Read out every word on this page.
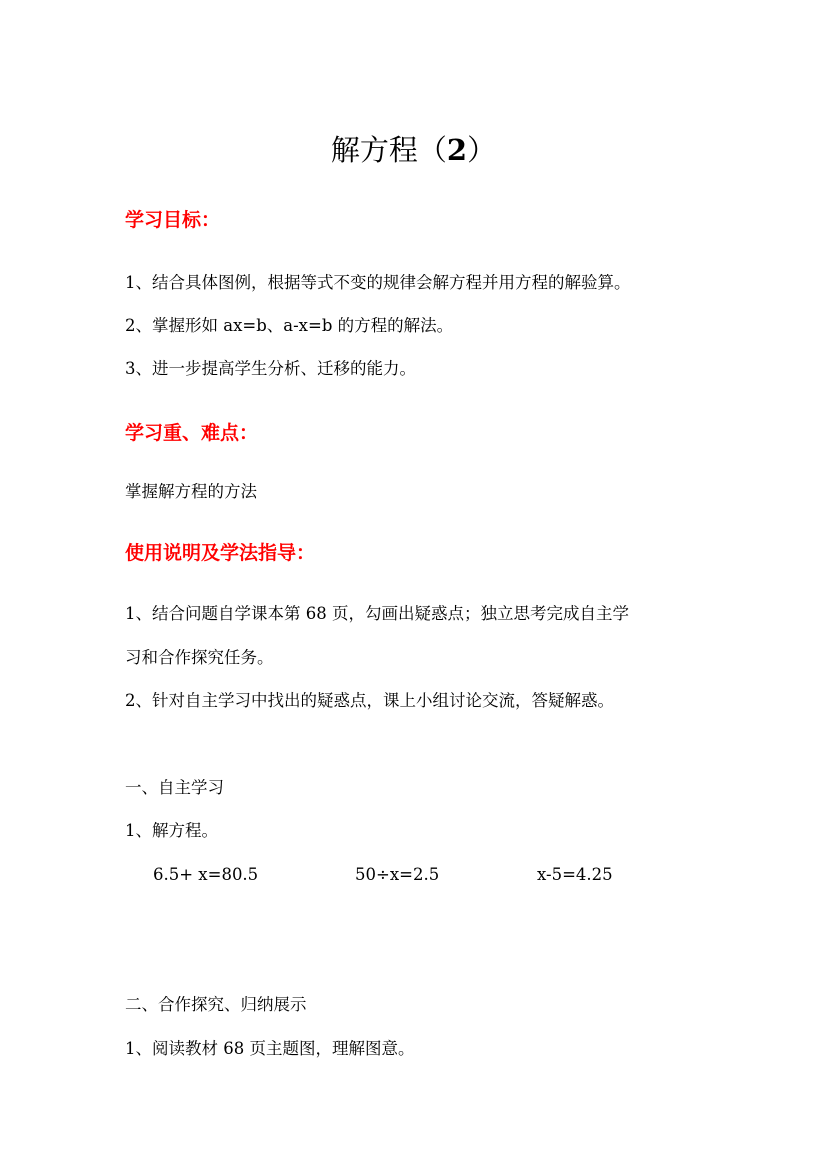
解方程（2）
学习目标：
1、结合具体图例，根据等式不变的规律会解方程并用方程的解验算。
2、掌握形如 ax=b、a-x=b 的方程的解法。
3、进一步提高学生分析、迁移的能力。
学习重、难点：
掌握解方程的方法
使用说明及学法指导：
1、结合问题自学课本第 68 页，勾画出疑惑点；独立思考完成自主学
习和合作探究任务。
2、针对自主学习中找出的疑惑点，课上小组讨论交流，答疑解惑。
一、自主学习
1、解方程。
6.5+ x=80.5	50÷x=2.5	x-5=4.25
二、合作探究、归纳展示
1、阅读教材 68 页主题图，理解图意。
